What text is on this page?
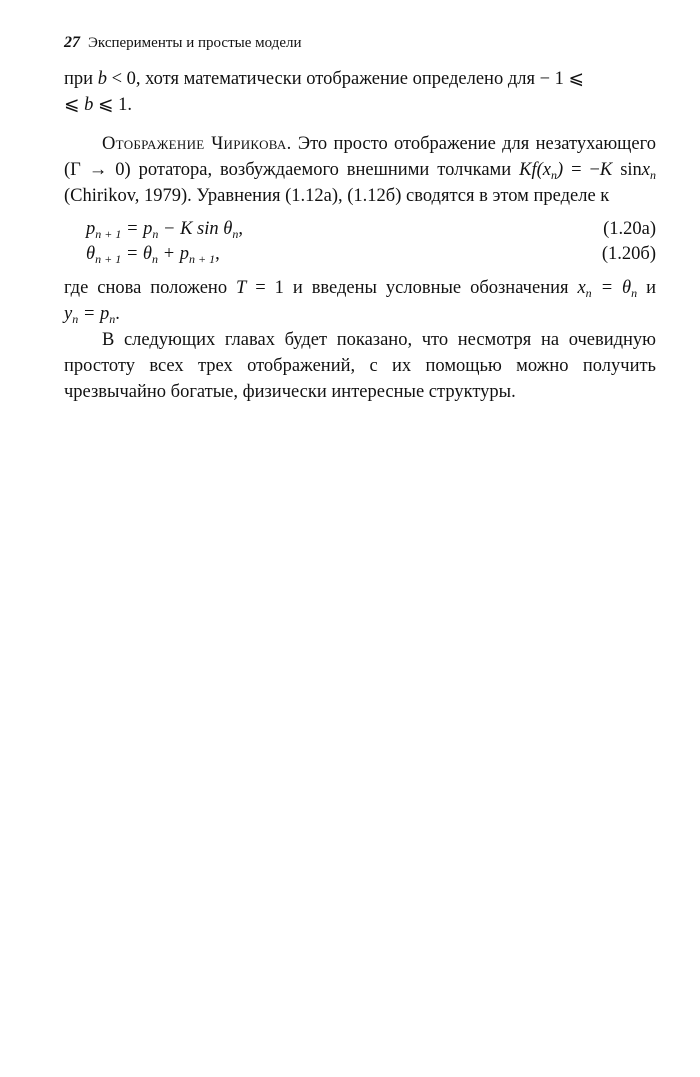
27 Эксперименты и простые модели

при b < 0, хотя математически отображение определено для − 1 ⩽
⩽ b ⩽ 1.

Отображение Чирикова. Это просто отображение для незатухающего (Γ → 0) ротатора, возбуждаемого внешними толчками $Kf(x_n) = -K$ sinx$_n$ (Chirikov, 1979). Уравнения (1.12а), (1.12б) сводятся в этом пределе к

$p_{n + 1} = p_n - K$ $\sin \theta_n$,	(1.20а)
$\theta_{n + 1} = \theta_n + p_{n + 1}$,	(1.20б)

где снова положено T = 1 и введены условные обозначения $x_n = \theta_n$ и $y_n = p_n$.

В следующих главах будет показано, что несмотря на очевидную простоту всех трех отображений, с их помощью можно получить чрезвычайно богатые, физически интересные структуры.
